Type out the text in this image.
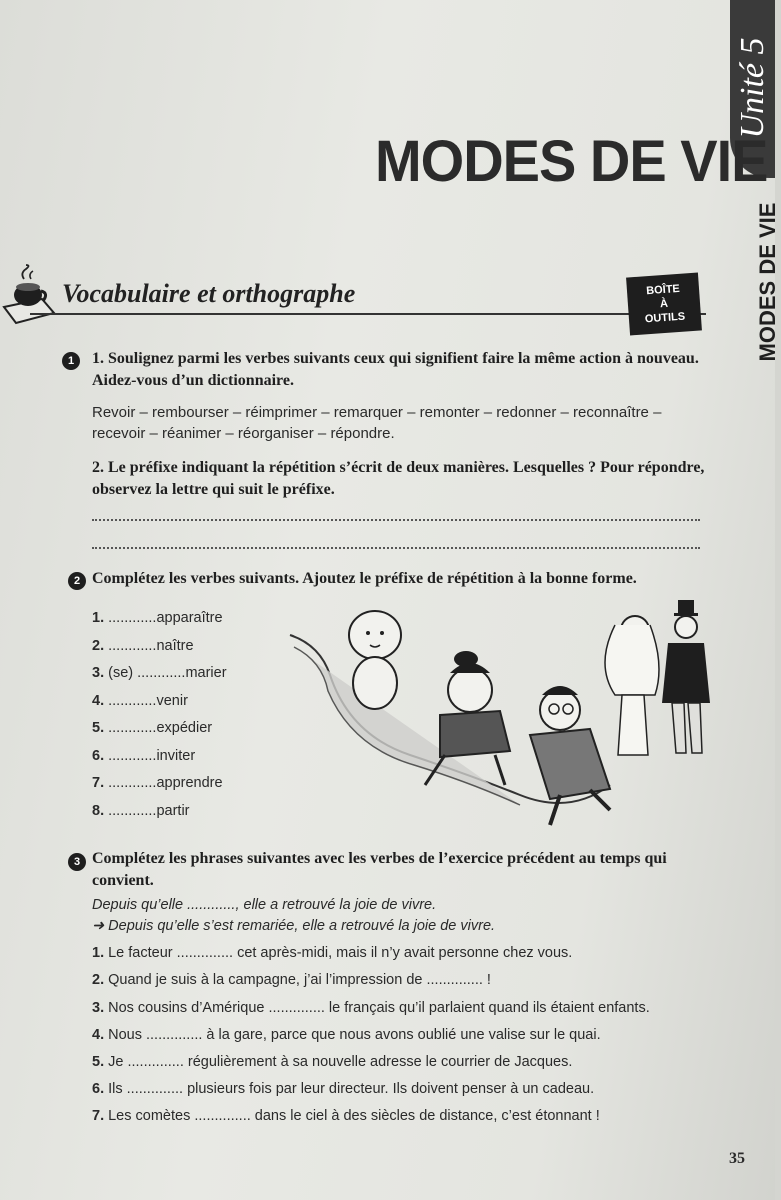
Unité 5
MODES DE VIE
MODES DE VIE
Vocabulaire et orthographe	BOÎTE
À
OUTILS
1	1. Soulignez parmi les verbes suivants ceux qui signifient faire la même action à nouveau. Aidez-vous d’un dictionnaire.

Revoir – rembourser – réimprimer – remarquer – remonter – redonner – reconnaître – recevoir – réanimer – réorganiser – répondre.

2. Le préfixe indiquant la répétition s’écrit de deux manières. Lesquelles ? Pour répondre, observez la lettre qui suit le préfixe.

2 Complétez les verbes suivants. Ajoutez le préfixe de répétition à la bonne forme.

1. ............apparaître
2. ............naître
3. (se) ............marier
4. ............venir
5. ............expédier
6. ............inviter
7. ............apprendre
8. ............partir
3 Complétez les phrases suivantes avec les verbes de l’exercice précédent au temps qui convient.

Depuis qu’elle ............, elle a retrouvé la joie de vivre.
➜ Depuis qu’elle s’est remariée, elle a retrouvé la joie de vivre.
1. Le facteur .............. cet après-midi, mais il n’y avait personne chez vous.
2. Quand je suis à la campagne, j’ai l’impression de .............. !
3. Nos cousins d’Amérique .............. le français qu’il parlaient quand ils étaient enfants.
4. Nous .............. à la gare, parce que nous avons oublié une valise sur le quai.
5. Je .............. régulièrement à sa nouvelle adresse le courrier de Jacques.
6. Ils .............. plusieurs fois par leur directeur. Ils doivent penser à un cadeau.
7. Les comètes .............. dans le ciel à des siècles de distance, c’est étonnant !
35
